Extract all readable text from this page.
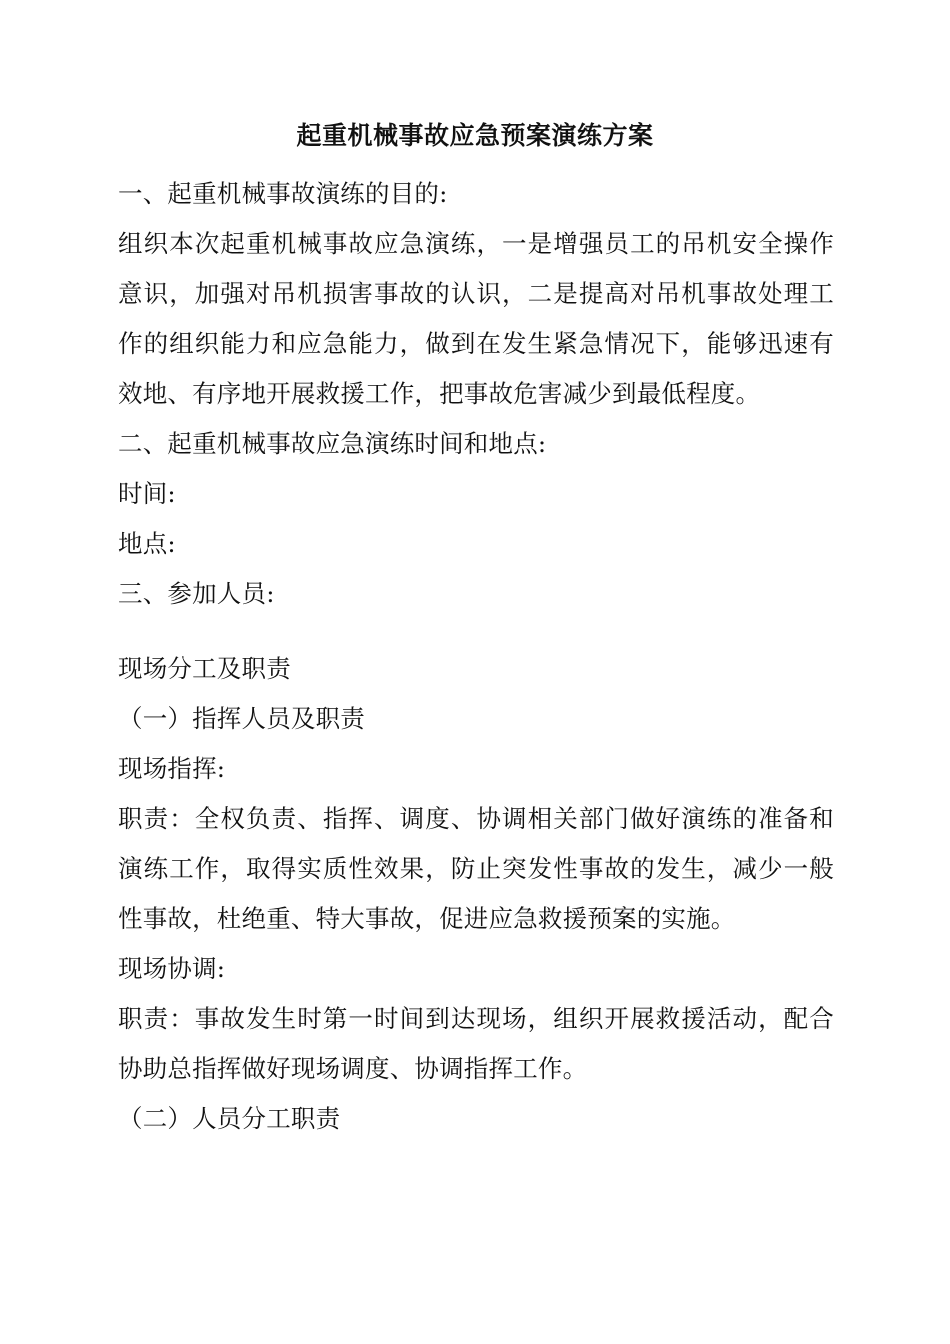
起重机械事故应急预案演练方案
一、起重机械事故演练的目的:
组织本次起重机械事故应急演练，一是增强员工的吊机安全操作
意识，加强对吊机损害事故的认识，二是提高对吊机事故处理工
作的组织能力和应急能力，做到在发生紧急情况下，能够迅速有
效地、有序地开展救援工作，把事故危害减少到最低程度。
二、起重机械事故应急演练时间和地点:
时间:
地点:
三、参加人员:
现场分工及职责
（一）指挥人员及职责
现场指挥:
职责：全权负责、指挥、调度、协调相关部门做好演练的准备和
演练工作，取得实质性效果，防止突发性事故的发生，减少一般
性事故，杜绝重、特大事故，促进应急救援预案的实施。
现场协调:
职责：事故发生时第一时间到达现场，组织开展救援活动，配合
协助总指挥做好现场调度、协调指挥工作。
（二）人员分工职责
